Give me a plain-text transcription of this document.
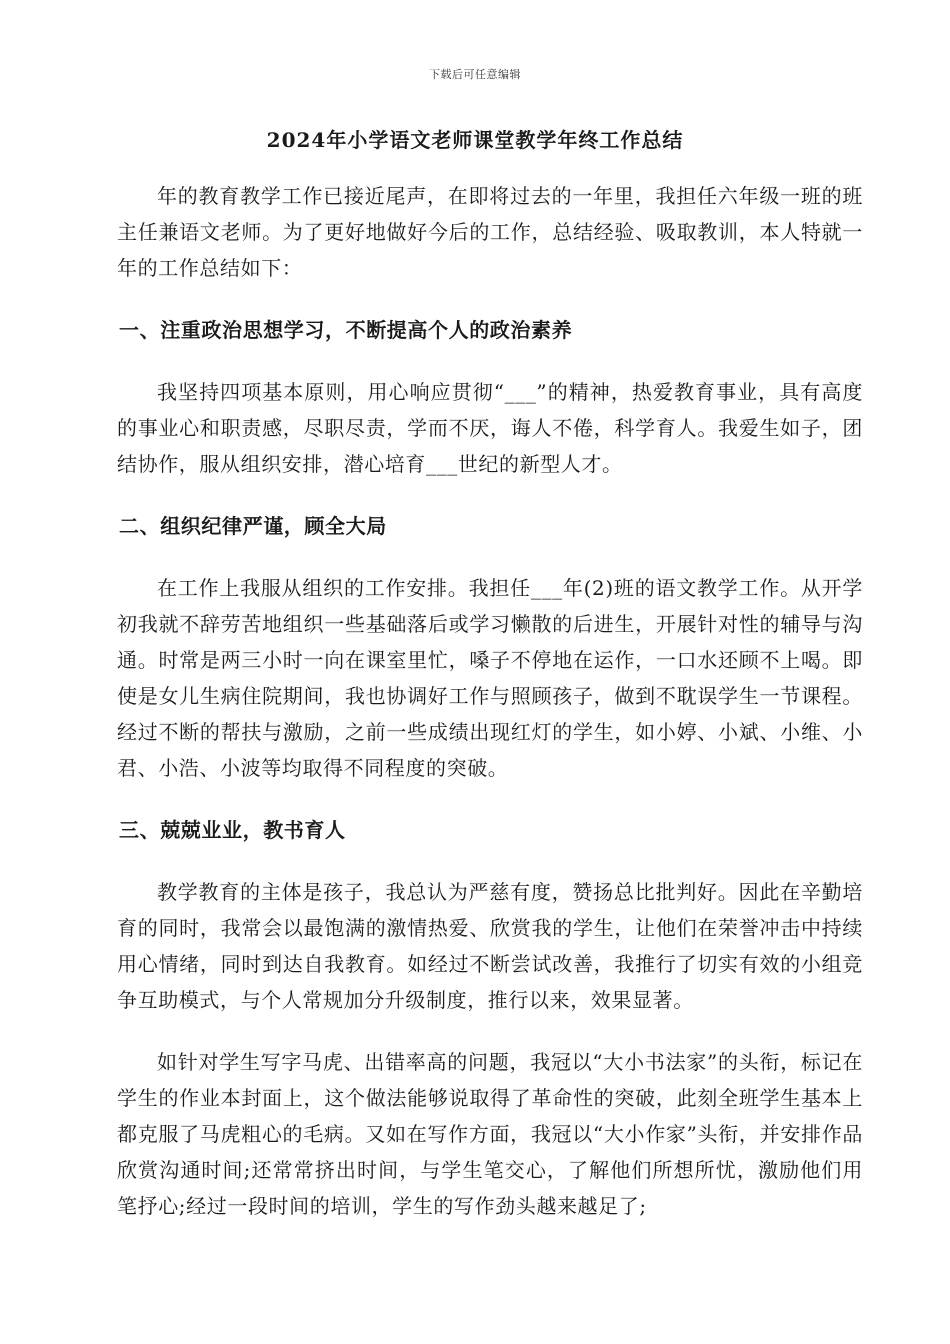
下载后可任意编辑
2024年小学语文老师课堂教学年终工作总结

年的教育教学工作已接近尾声，在即将过去的一年里，我担任六年级一班的班主任兼语文老师。为了更好地做好今后的工作，总结经验、吸取教训，本人特就一年的工作总结如下：

一、注重政治思想学习，不断提高个人的政治素养

我坚持四项基本原则，用心响应贯彻“___”的精神，热爱教育事业，具有高度的事业心和职责感，尽职尽责，学而不厌，诲人不倦，科学育人。我爱生如子，团结协作，服从组织安排，潜心培育___世纪的新型人才。

二、组织纪律严谨，顾全大局

在工作上我服从组织的工作安排。我担任___年(2)班的语文教学工作。从开学初我就不辞劳苦地组织一些基础落后或学习懒散的后进生，开展针对性的辅导与沟通。时常是两三小时一向在课室里忙，嗓子不停地在运作，一口水还顾不上喝。即使是女儿生病住院期间，我也协调好工作与照顾孩子，做到不耽误学生一节课程。经过不断的帮扶与激励，之前一些成绩出现红灯的学生，如小婷、小斌、小维、小君、小浩、小波等均取得不同程度的突破。

三、兢兢业业，教书育人

教学教育的主体是孩子，我总认为严慈有度，赞扬总比批判好。因此在辛勤培育的同时，我常会以最饱满的激情热爱、欣赏我的学生，让他们在荣誉冲击中持续用心情绪，同时到达自我教育。如经过不断尝试改善，我推行了切实有效的小组竞争互助模式，与个人常规加分升级制度，推行以来，效果显著。

如针对学生写字马虎、出错率高的问题，我冠以“大小书法家”的头衔，标记在学生的作业本封面上，这个做法能够说取得了革命性的突破，此刻全班学生基本上都克服了马虎粗心的毛病。又如在写作方面，我冠以“大小作家”头衔，并安排作品欣赏沟通时间;还常常挤出时间，与学生笔交心，了解他们所想所忧，激励他们用笔抒心;经过一段时间的培训，学生的写作劲头越来越足了;
